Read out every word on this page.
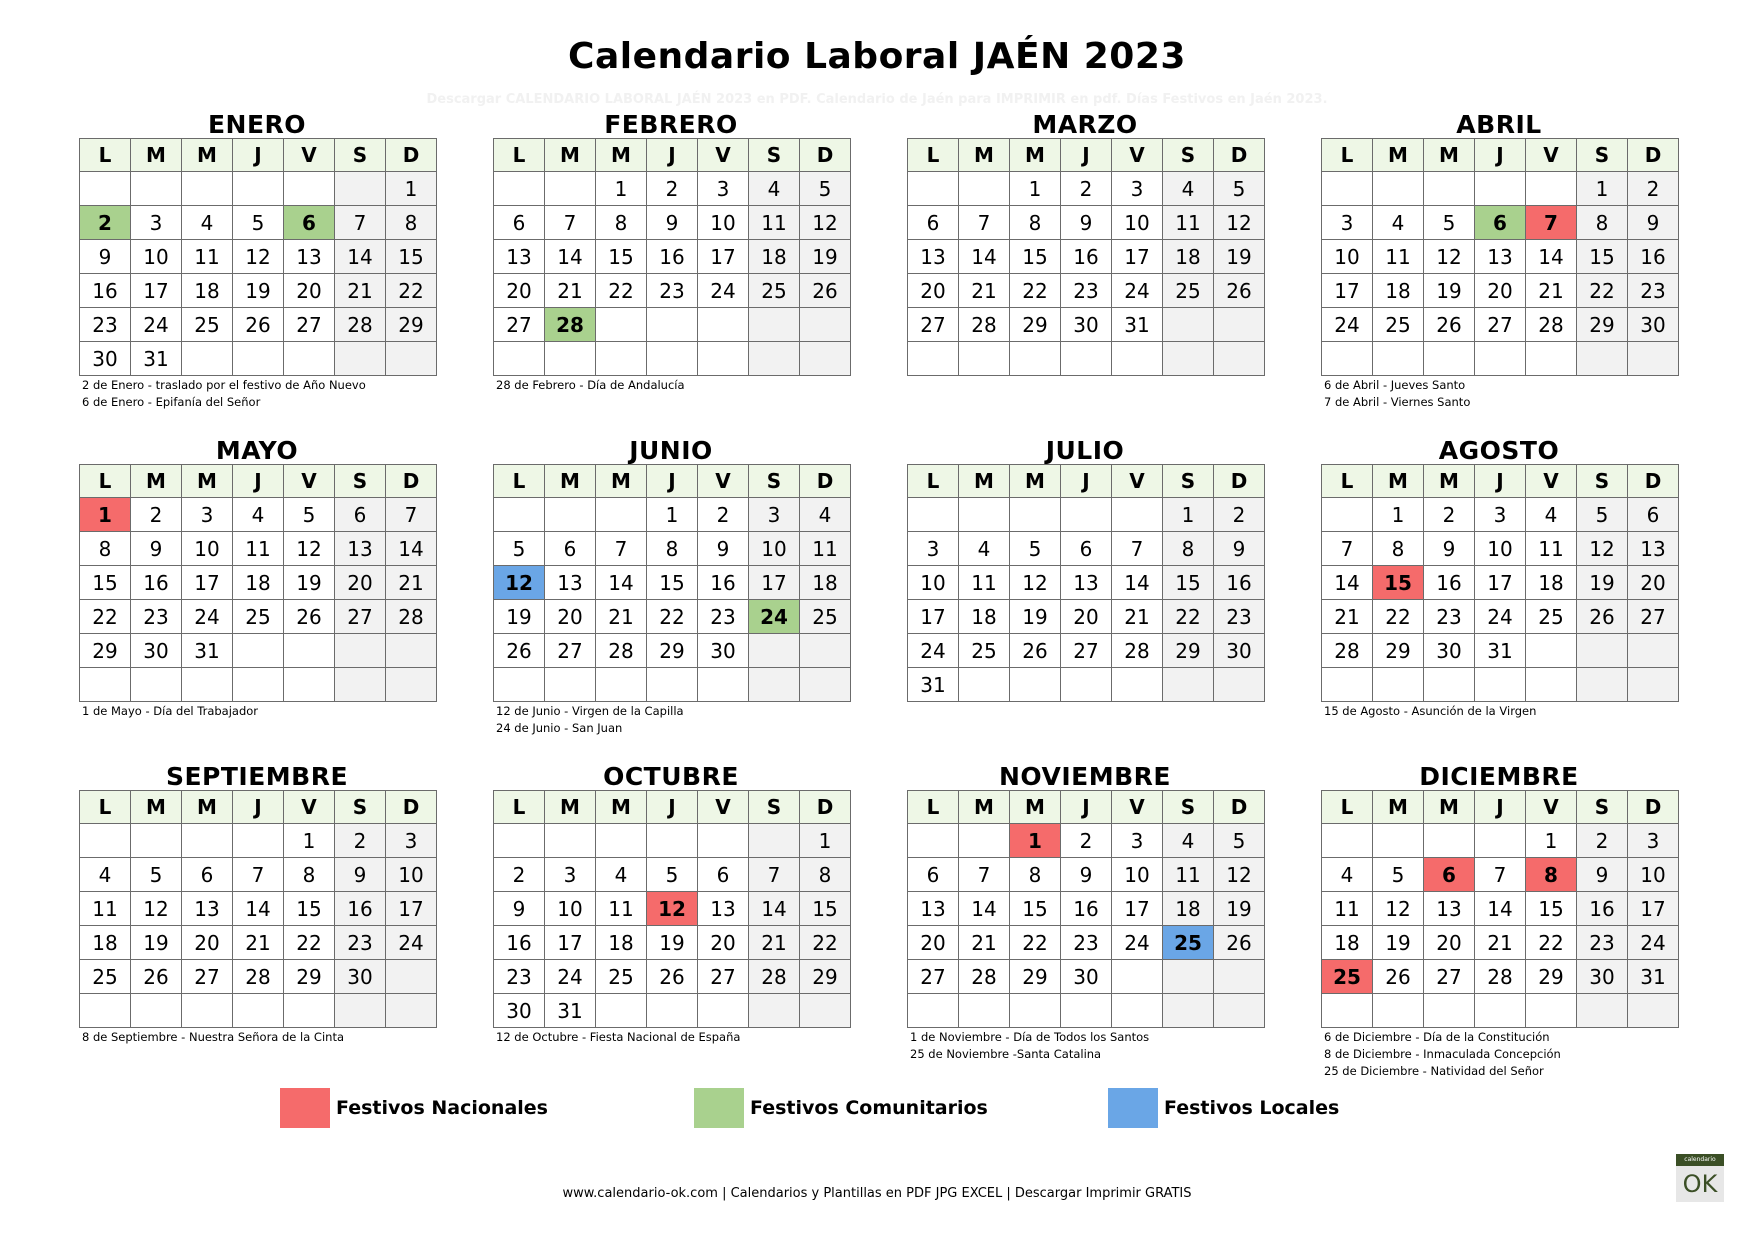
Calendario Laboral JAÉN 2023
Descargar CALENDARIO LABORAL JAÉN 2023 en PDF. Calendario de Jaén para IMPRIMIR en pdf. Días Festivos en Jaén 2023.
ENERO
L	M	M	J	V	S	D
						1
2	3	4	5	6	7	8
9	10	11	12	13	14	15
16	17	18	19	20	21	22
23	24	25	26	27	28	29
30	31					
2 de Enero - traslado por el festivo de Año Nuevo
6 de Enero - Epifanía del Señor
FEBRERO
L	M	M	J	V	S	D
		1	2	3	4	5
6	7	8	9	10	11	12
13	14	15	16	17	18	19
20	21	22	23	24	25	26
27	28					

28 de Febrero - Día de Andalucía
MARZO
L	M	M	J	V	S	D
		1	2	3	4	5
6	7	8	9	10	11	12
13	14	15	16	17	18	19
20	21	22	23	24	25	26
27	28	29	30	31		

ABRIL
L	M	M	J	V	S	D
					1	2
3	4	5	6	7	8	9
10	11	12	13	14	15	16
17	18	19	20	21	22	23
24	25	26	27	28	29	30

6 de Abril - Jueves Santo
7 de Abril - Viernes Santo
MAYO
L	M	M	J	V	S	D
1	2	3	4	5	6	7
8	9	10	11	12	13	14
15	16	17	18	19	20	21
22	23	24	25	26	27	28
29	30	31				

1 de Mayo - Día del Trabajador
JUNIO
L	M	M	J	V	S	D
			1	2	3	4
5	6	7	8	9	10	11
12	13	14	15	16	17	18
19	20	21	22	23	24	25
26	27	28	29	30		

12 de Junio - Virgen de la Capilla
24 de Junio - San Juan
JULIO
L	M	M	J	V	S	D
					1	2
3	4	5	6	7	8	9
10	11	12	13	14	15	16
17	18	19	20	21	22	23
24	25	26	27	28	29	30
31						
AGOSTO
L	M	M	J	V	S	D
	1	2	3	4	5	6
7	8	9	10	11	12	13
14	15	16	17	18	19	20
21	22	23	24	25	26	27
28	29	30	31			

15 de Agosto - Asunción de la Virgen
SEPTIEMBRE
L	M	M	J	V	S	D
				1	2	3
4	5	6	7	8	9	10
11	12	13	14	15	16	17
18	19	20	21	22	23	24
25	26	27	28	29	30	

8 de Septiembre - Nuestra Señora de la Cinta
OCTUBRE
L	M	M	J	V	S	D
						1
2	3	4	5	6	7	8
9	10	11	12	13	14	15
16	17	18	19	20	21	22
23	24	25	26	27	28	29
30	31					
12 de Octubre - Fiesta Nacional de España
NOVIEMBRE
L	M	M	J	V	S	D
		1	2	3	4	5
6	7	8	9	10	11	12
13	14	15	16	17	18	19
20	21	22	23	24	25	26
27	28	29	30			

1 de Noviembre - Día de Todos los Santos
25 de Noviembre -Santa Catalina
DICIEMBRE
L	M	M	J	V	S	D
				1	2	3
4	5	6	7	8	9	10
11	12	13	14	15	16	17
18	19	20	21	22	23	24
25	26	27	28	29	30	31

6 de Diciembre - Día de la Constitución
8 de Diciembre - Inmaculada Concepción
25 de Diciembre - Natividad del Señor
Festivos Nacionales	Festivos Comunitarios	Festivos Locales
www.calendario-ok.com | Calendarios y Plantillas en PDF JPG EXCEL | Descargar Imprimir GRATIS
calendario
OK
